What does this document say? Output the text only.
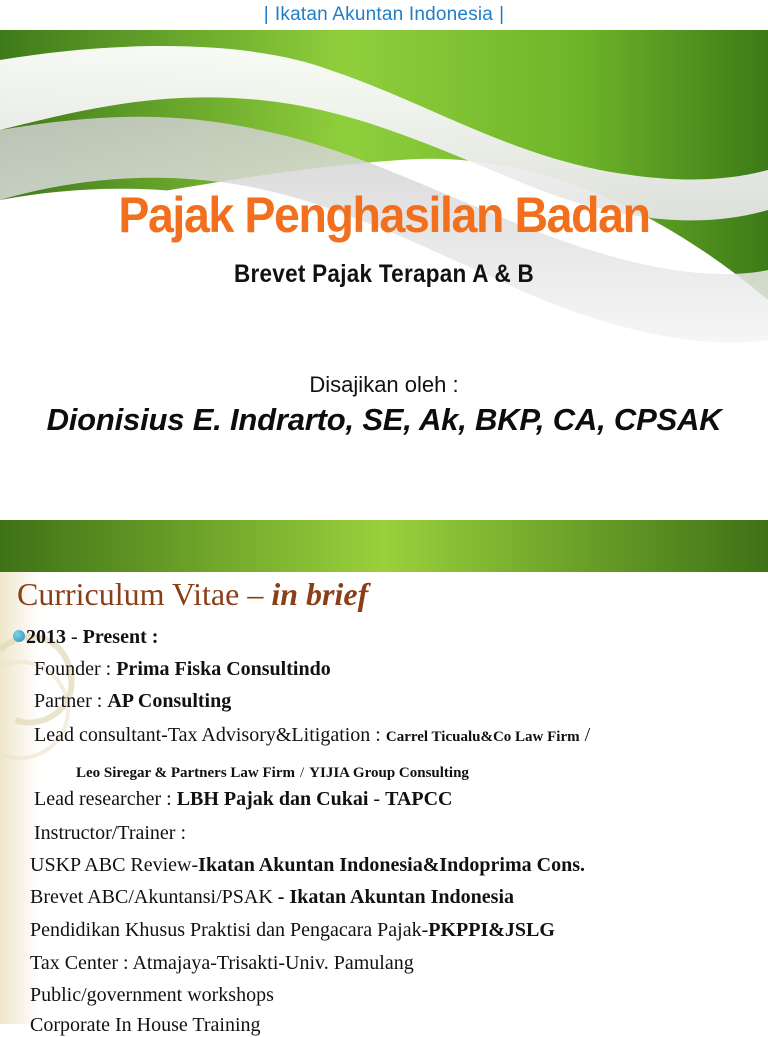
| Ikatan Akuntan Indonesia |
Pajak Penghasilan Badan
Brevet Pajak Terapan A & B
Disajikan oleh :
Dionisius E. Indrarto, SE, Ak, BKP, CA, CPSAK
Curriculum Vitae – in brief
2013 - Present :
Founder : Prima Fiska Consultindo
Partner : AP Consulting
Lead consultant-Tax Advisory&Litigation : Carrel Ticualu&Co Law Firm /
Leo Siregar & Partners Law Firm / YIJIA Group Consulting
Lead researcher : LBH Pajak dan Cukai - TAPCC
Instructor/Trainer :
USKP ABC Review-Ikatan Akuntan Indonesia&Indoprima Cons.
Brevet ABC/Akuntansi/PSAK - Ikatan Akuntan Indonesia
Pendidikan Khusus Praktisi dan Pengacara Pajak-PKPPI&JSLG
Tax Center : Atmajaya-Trisakti-Univ. Pamulang
Public/government workshops
Corporate In House Training
